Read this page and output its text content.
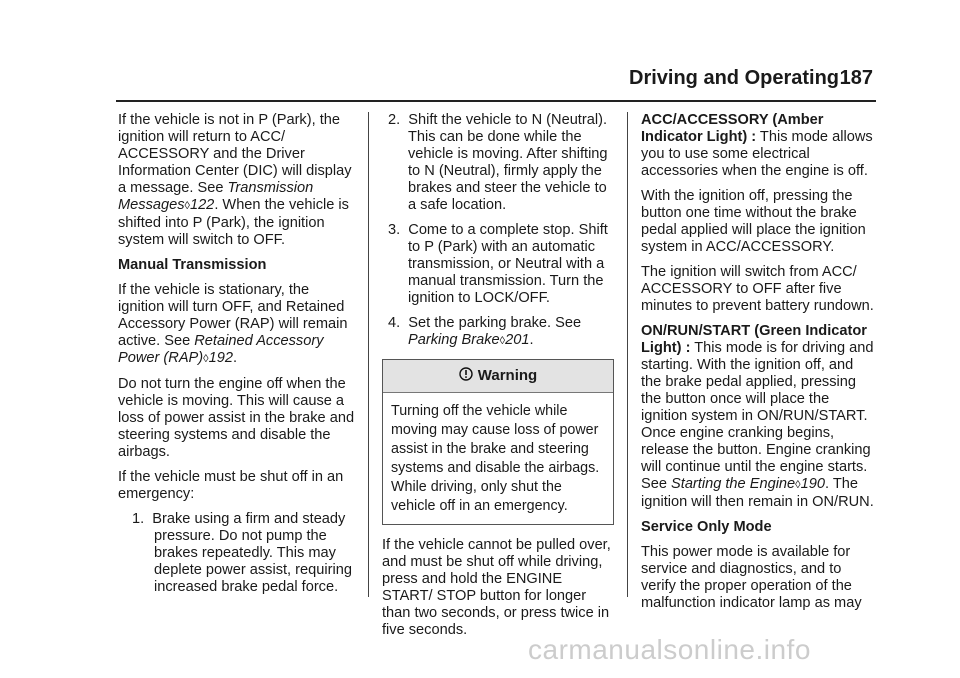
Driving and Operating 187

If the vehicle is not in P (Park), the ignition will return to ACC/ ACCESSORY and the Driver Information Center (DIC) will display a message. See Transmission Messages◊122. When the vehicle is shifted into P (Park), the ignition system will switch to OFF.

Manual Transmission

If the vehicle is stationary, the ignition will turn OFF, and Retained Accessory Power (RAP) will remain active. See Retained Accessory Power (RAP)◊192.

Do not turn the engine off when the vehicle is moving. This will cause a loss of power assist in the brake and steering systems and disable the airbags.

If the vehicle must be shut off in an emergency:

1. Brake using a firm and steady pressure. Do not pump the brakes repeatedly. This may deplete power assist, requiring increased brake pedal force.
2. Shift the vehicle to N (Neutral). This can be done while the vehicle is moving. After shifting to N (Neutral), firmly apply the brakes and steer the vehicle to a safe location.
3. Come to a complete stop. Shift to P (Park) with an automatic transmission, or Neutral with a manual transmission. Turn the ignition to LOCK/OFF.
4. Set the parking brake. See Parking Brake◊201.
Warning
Turning off the vehicle while moving may cause loss of power assist in the brake and steering systems and disable the airbags. While driving, only shut the vehicle off in an emergency.

If the vehicle cannot be pulled over, and must be shut off while driving, press and hold the ENGINE START/ STOP button for longer than two seconds, or press twice in five seconds.

ACC/ACCESSORY (Amber Indicator Light) : This mode allows you to use some electrical accessories when the engine is off.

With the ignition off, pressing the button one time without the brake pedal applied will place the ignition system in ACC/ACCESSORY.

The ignition will switch from ACC/ ACCESSORY to OFF after five minutes to prevent battery rundown.

ON/RUN/START (Green Indicator Light) : This mode is for driving and starting. With the ignition off, and the brake pedal applied, pressing the button once will place the ignition system in ON/RUN/START. Once engine cranking begins, release the button. Engine cranking will continue until the engine starts. See Starting the Engine◊190. The ignition will then remain in ON/RUN.

Service Only Mode

This power mode is available for service and diagnostics, and to verify the proper operation of the malfunction indicator lamp as may

carmanualsonline.info
